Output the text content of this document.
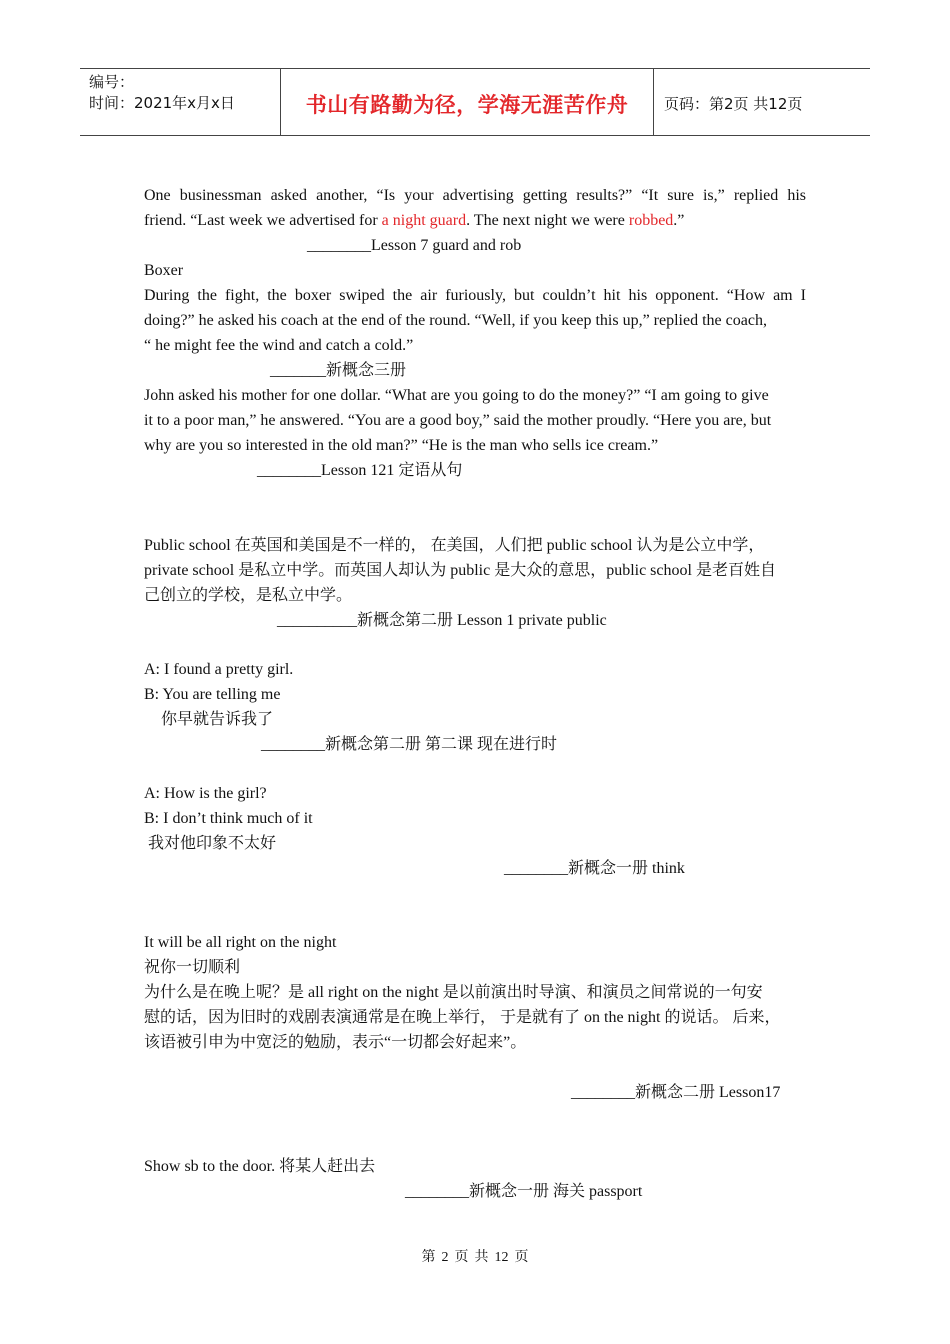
编号：
时间：2021年x月x日	书山有路勤为径，学海无涯苦作舟	页码：第2页 共12页
One businessman asked another, “Is your advertising getting results?” “It sure is,” replied his
friend. “Last week we advertised for a night guard. The next night we were robbed.”
________Lesson 7 guard and rob
Boxer
During the fight, the boxer swiped the air furiously, but couldn’t hit his opponent. “How am I
doing?” he asked his coach at the end of the round. “Well, if you keep this up,” replied the coach,
“ he might fee the wind and catch a cold.”
_______新概念三册
John asked his mother for one dollar. “What are you going to do the money?” “I am going to give
it to a poor man,” he answered. “You are a good boy,” said the mother proudly. “Here you are, but
why are you so interested in the old man?” “He is the man who sells ice cream.”
________Lesson 121 定语从句
Public school 在英国和美国是不一样的， 在美国，人们把 public school 认为是公立中学，
private school 是私立中学。而英国人却认为 public 是大众的意思，public school 是老百姓自
己创立的学校，是私立中学。
__________新概念第二册 Lesson 1 private public
A: I found a pretty girl.
B: You are telling me
你早就告诉我了
________新概念第二册 第二课 现在进行时
A: How is the girl?
B: I don’t think much of it
我对他印象不太好
________新概念一册 think
It will be all right on the night
祝你一切顺利
为什么是在晚上呢？是 all right on the night 是以前演出时导演、和演员之间常说的一句安
慰的话，因为旧时的戏剧表演通常是在晚上举行， 于是就有了 on the night 的说话。 后来，
该语被引申为中宽泛的勉励，表示“一切都会好起来”。
________新概念二册 Lesson17
Show sb to the door. 将某人赶出去
________新概念一册 海关 passport
第 2 页 共 12 页
